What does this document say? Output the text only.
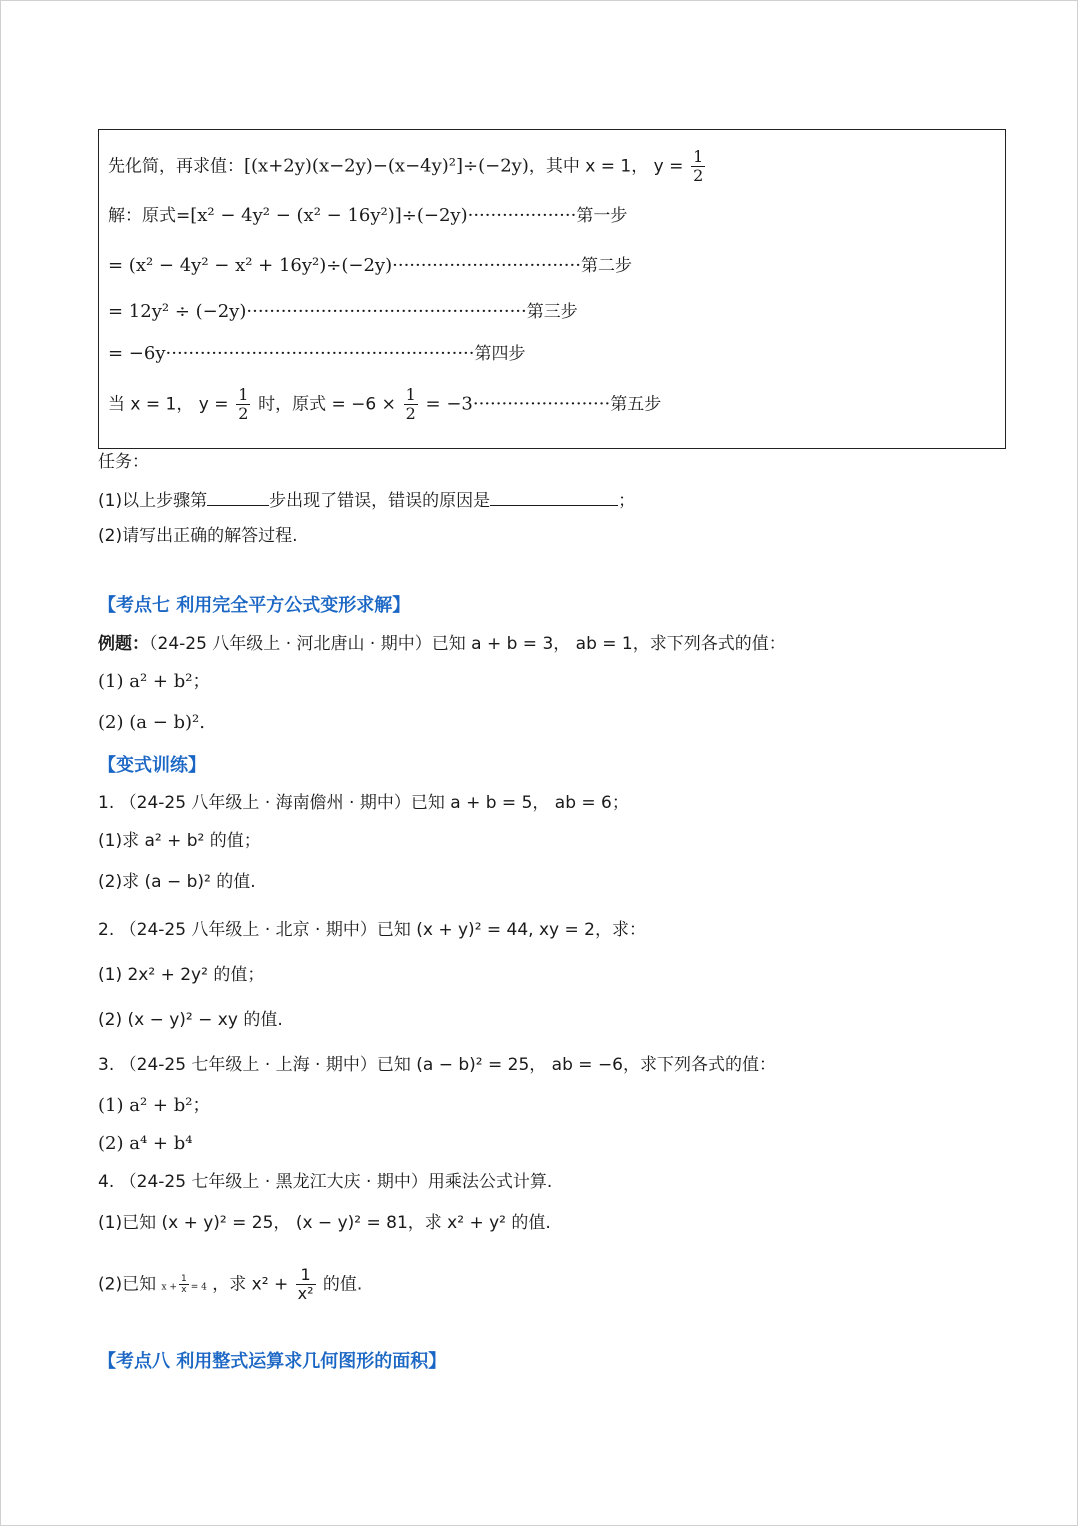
先化简，再求值：[(x+2y)(x−2y)−(x−4y)²]÷(−2y)，其中 x = 1， $y = \frac{1}{2}$
解：原式=[x² − 4y² − (x² − 16y²)]÷(−2y)···················第一步
= (x² − 4y² − x² + 16y²)÷(−2y)·································第二步
= 12y² ÷ (−2y)·················································第三步
= −6y······················································第四步
当 x = 1， $y = \frac{1}{2}$ 时，原式 = $-6 \times \frac{1}{2} = -3\cdot\cdot\cdot\cdot\cdot\cdot\cdot\cdot\cdot\cdot\cdot\cdot\cdot\cdot\cdot\cdot\cdot\cdot\cdot\cdot\cdot\cdot\cdot\cdot$第五步
任务：
(1)以上步骤第	步出现了错误，错误的原因是	；
(2)请写出正确的解答过程.
【考点七 利用完全平方公式变形求解】
例题：（24-25 八年级上 · 河北唐山 · 期中）已知 a + b = 3， ab = 1，求下列各式的值：
(1) a² + b²；
(2) (a − b)².
【变式训练】
1. （24-25 八年级上 · 海南儋州 · 期中）已知 a + b = 5， ab = 6；
(1)求 a² + b² 的值；
(2)求 (a − b)² 的值.
2. （24-25 八年级上 · 北京 · 期中）已知 (x + y)² = 44, xy = 2，求：
(1) 2x² + 2y² 的值；
(2) (x − y)² − xy 的值.
3. （24-25 七年级上 · 上海 · 期中）已知 (a − b)² = 25， ab = −6，求下列各式的值：
(1) a² + b²；
(2) a⁴ + b⁴
4. （24-25 七年级上 · 黑龙江大庆 · 期中）用乘法公式计算.
(1)已知 (x + y)² = 25， (x − y)² = 81，求 x² + y² 的值.
(2)已知 $x + \frac{1}{x} = 4$ ，求 $x^2 + \frac{1}{\text{x²}}$ 的值.
【考点八 利用整式运算求几何图形的面积】
